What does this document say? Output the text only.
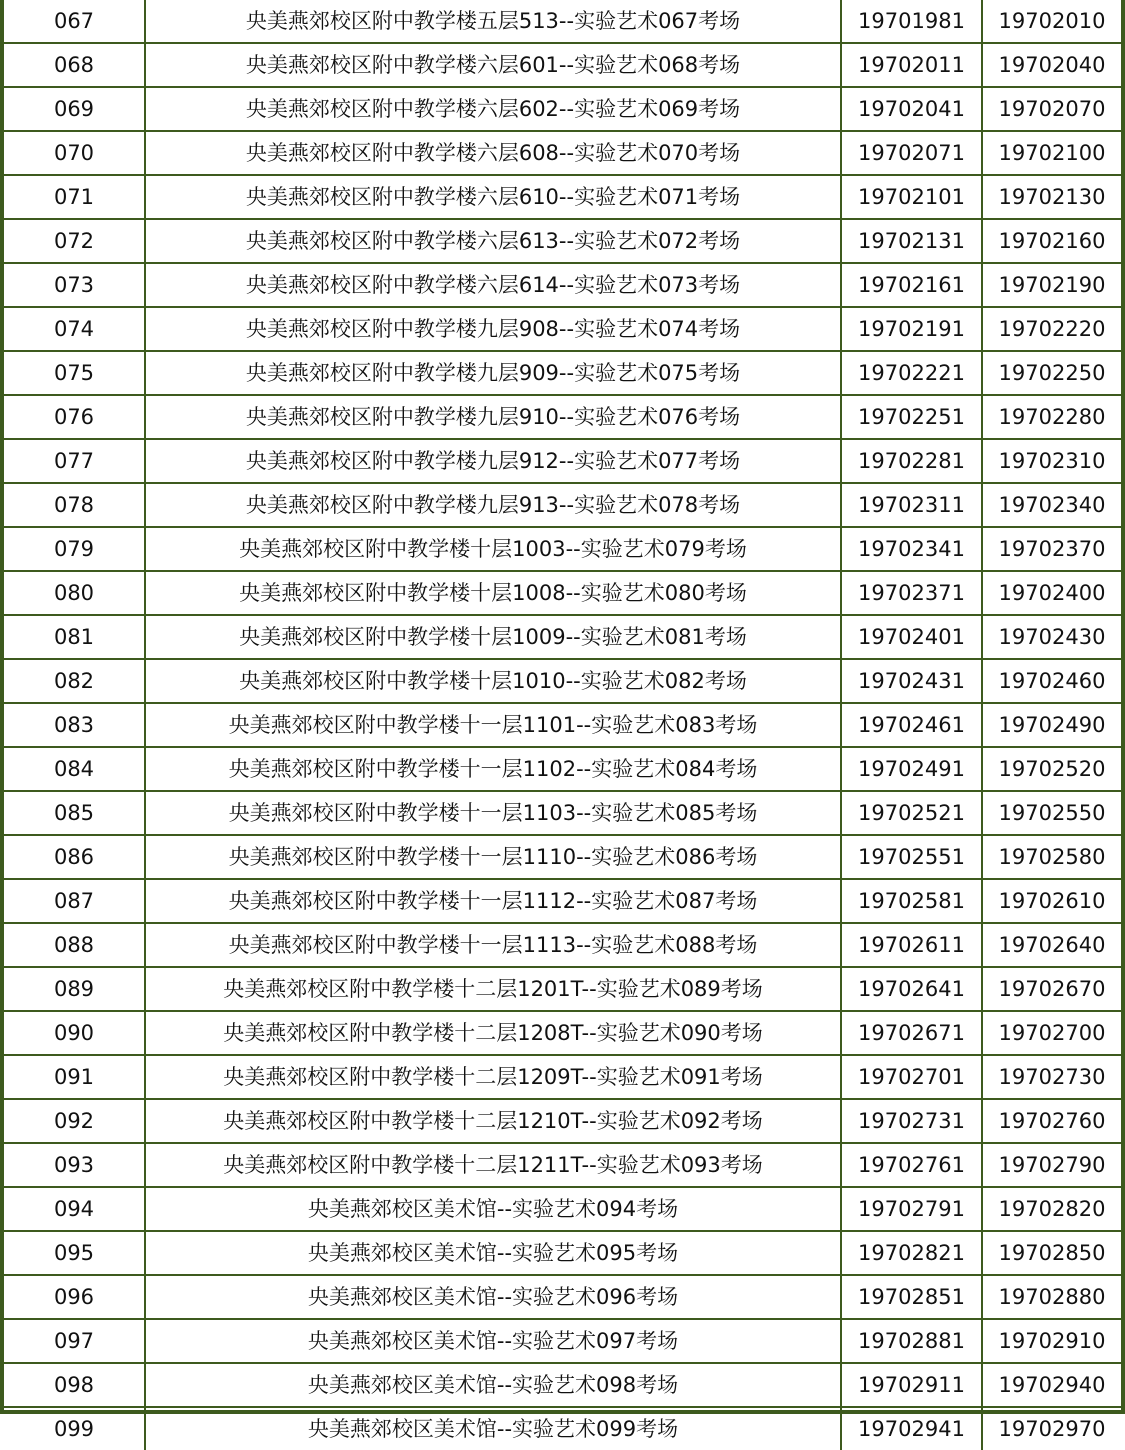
067	央美燕郊校区附中教学楼五层513--实验艺术067考场	19701981	19702010
068	央美燕郊校区附中教学楼六层601--实验艺术068考场	19702011	19702040
069	央美燕郊校区附中教学楼六层602--实验艺术069考场	19702041	19702070
070	央美燕郊校区附中教学楼六层608--实验艺术070考场	19702071	19702100
071	央美燕郊校区附中教学楼六层610--实验艺术071考场	19702101	19702130
072	央美燕郊校区附中教学楼六层613--实验艺术072考场	19702131	19702160
073	央美燕郊校区附中教学楼六层614--实验艺术073考场	19702161	19702190
074	央美燕郊校区附中教学楼九层908--实验艺术074考场	19702191	19702220
075	央美燕郊校区附中教学楼九层909--实验艺术075考场	19702221	19702250
076	央美燕郊校区附中教学楼九层910--实验艺术076考场	19702251	19702280
077	央美燕郊校区附中教学楼九层912--实验艺术077考场	19702281	19702310
078	央美燕郊校区附中教学楼九层913--实验艺术078考场	19702311	19702340
079	央美燕郊校区附中教学楼十层1003--实验艺术079考场	19702341	19702370
080	央美燕郊校区附中教学楼十层1008--实验艺术080考场	19702371	19702400
081	央美燕郊校区附中教学楼十层1009--实验艺术081考场	19702401	19702430
082	央美燕郊校区附中教学楼十层1010--实验艺术082考场	19702431	19702460
083	央美燕郊校区附中教学楼十一层1101--实验艺术083考场	19702461	19702490
084	央美燕郊校区附中教学楼十一层1102--实验艺术084考场	19702491	19702520
085	央美燕郊校区附中教学楼十一层1103--实验艺术085考场	19702521	19702550
086	央美燕郊校区附中教学楼十一层1110--实验艺术086考场	19702551	19702580
087	央美燕郊校区附中教学楼十一层1112--实验艺术087考场	19702581	19702610
088	央美燕郊校区附中教学楼十一层1113--实验艺术088考场	19702611	19702640
089	央美燕郊校区附中教学楼十二层1201T--实验艺术089考场	19702641	19702670
090	央美燕郊校区附中教学楼十二层1208T--实验艺术090考场	19702671	19702700
091	央美燕郊校区附中教学楼十二层1209T--实验艺术091考场	19702701	19702730
092	央美燕郊校区附中教学楼十二层1210T--实验艺术092考场	19702731	19702760
093	央美燕郊校区附中教学楼十二层1211T--实验艺术093考场	19702761	19702790
094	央美燕郊校区美术馆--实验艺术094考场	19702791	19702820
095	央美燕郊校区美术馆--实验艺术095考场	19702821	19702850
096	央美燕郊校区美术馆--实验艺术096考场	19702851	19702880
097	央美燕郊校区美术馆--实验艺术097考场	19702881	19702910
098	央美燕郊校区美术馆--实验艺术098考场	19702911	19702940
099	央美燕郊校区美术馆--实验艺术099考场	19702941	19702970
